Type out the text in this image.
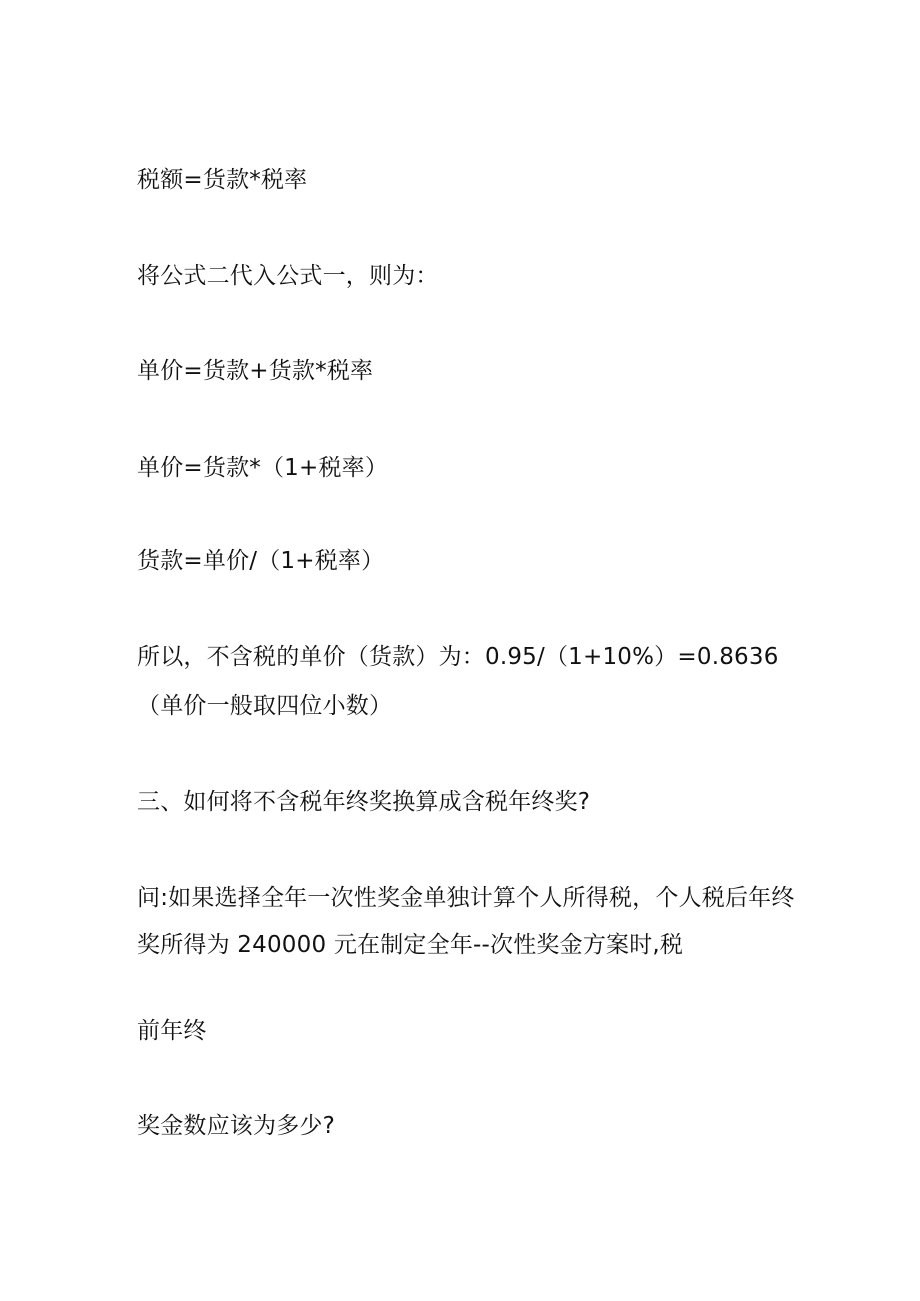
税额=货款*税率
将公式二代入公式一，则为：
单价=货款+货款*税率
单价=货款*（1+税率）
货款=单价/（1+税率）
所以，不含税的单价（货款）为：0.95/（1+10%）=0.8636
（单价一般取四位小数）
三、如何将不含税年终奖换算成含税年终奖?
问:如果选择全年一次性奖金单独计算个人所得税，个人税后年终
奖所得为 240000 元在制定全年--次性奖金方案时,税
前年终
奖金数应该为多少?
